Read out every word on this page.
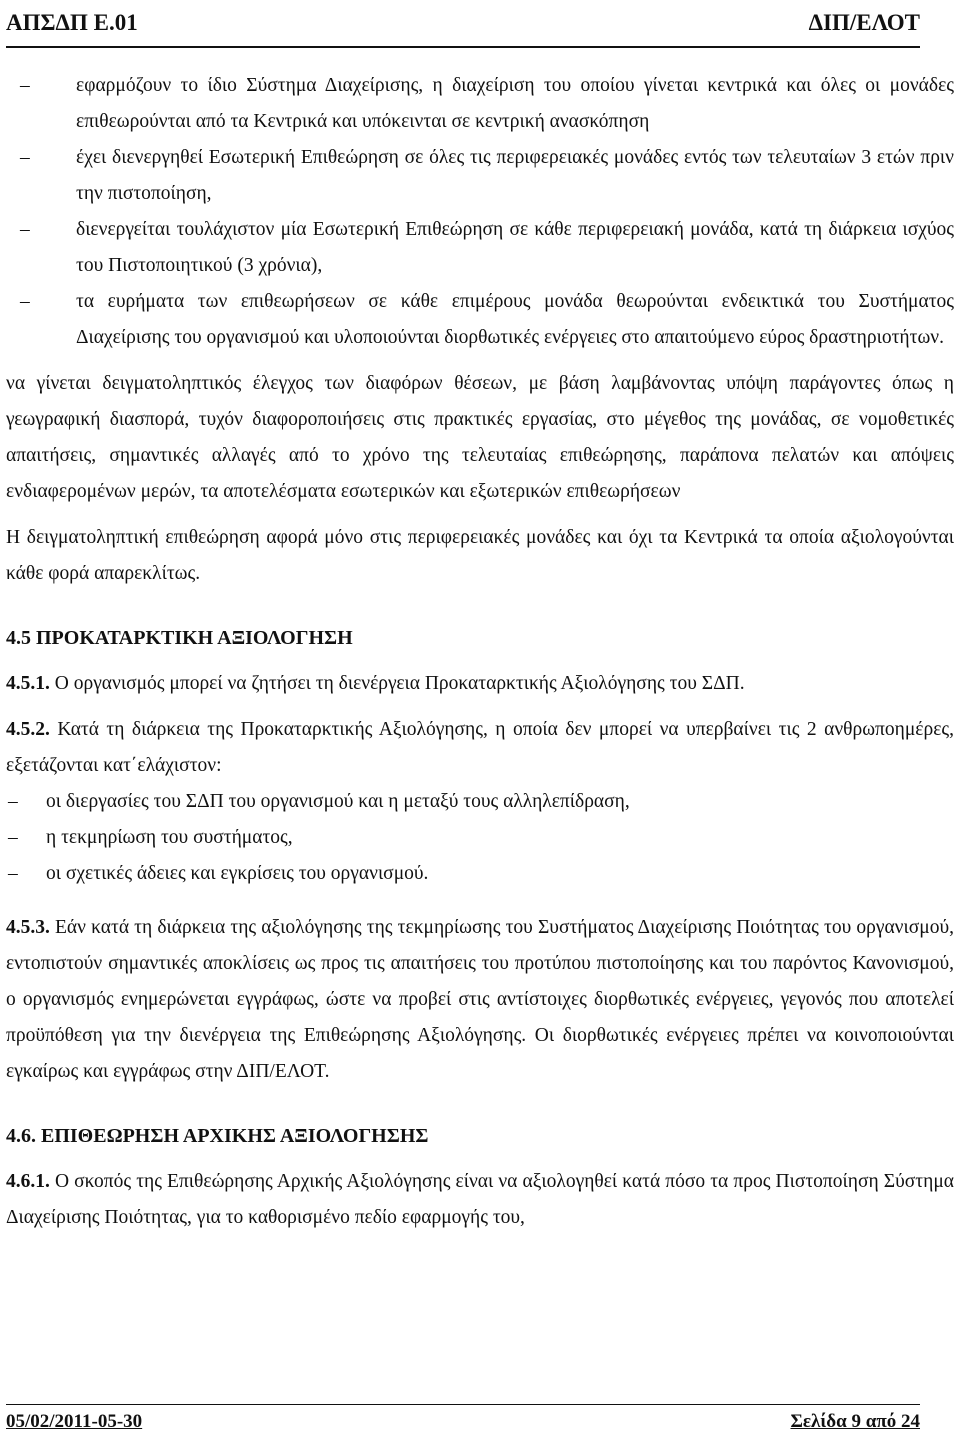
ΑΠΣΔΠ Ε.01	ΔΙΠ/ΕΛΟΤ
–	εφαρμόζουν το ίδιο Σύστημα Διαχείρισης, η διαχείριση του οποίου γίνεται κεντρικά και όλες οι μονάδες επιθεωρούνται από τα Κεντρικά και υπόκεινται σε κεντρική ανασκόπηση
–	έχει διενεργηθεί Εσωτερική Επιθεώρηση σε όλες τις περιφερειακές μονάδες εντός των τελευταίων 3 ετών πριν την πιστοποίηση,
–	διενεργείται τουλάχιστον μία Εσωτερική Επιθεώρηση σε κάθε περιφερειακή μονάδα, κατά τη διάρκεια ισχύος του Πιστοποιητικού (3 χρόνια),
–	τα ευρήματα των επιθεωρήσεων σε κάθε επιμέρους μονάδα θεωρούνται ενδεικτικά του Συστήματος Διαχείρισης του οργανισμού και υλοποιούνται διορθωτικές ενέργειες στο απαιτούμενο εύρος δραστηριοτήτων.

να γίνεται δειγματοληπτικός έλεγχος των διαφόρων θέσεων, με βάση λαμβάνοντας υπόψη παράγοντες όπως η γεωγραφική διασπορά, τυχόν διαφοροποιήσεις στις πρακτικές εργασίας, στο μέγεθος της μονάδας, σε νομοθετικές απαιτήσεις, σημαντικές αλλαγές από το χρόνο της τελευταίας επιθεώρησης, παράπονα πελατών και απόψεις ενδιαφερομένων μερών, τα αποτελέσματα εσωτερικών και εξωτερικών επιθεωρήσεων

Η δειγματοληπτική επιθεώρηση αφορά μόνο στις περιφερειακές μονάδες και όχι τα Κεντρικά τα οποία αξιολογούνται κάθε φορά απαρεκλίτως.

4.5 ΠΡΟΚΑΤΑΡΚΤΙΚΗ ΑΞΙΟΛΟΓΗΣΗ

4.5.1. Ο οργανισμός μπορεί να ζητήσει τη διενέργεια Προκαταρκτικής Αξιολόγησης του ΣΔΠ.

4.5.2. Κατά τη διάρκεια της Προκαταρκτικής Αξιολόγησης, η οποία δεν μπορεί να υπερβαίνει τις 2 ανθρωποημέρες, εξετάζονται κατ΄ελάχιστον:

–	οι διεργασίες του ΣΔΠ του οργανισμού και η μεταξύ τους αλληλεπίδραση,
–	η τεκμηρίωση του συστήματος,
–	οι σχετικές άδειες και εγκρίσεις του οργανισμού.

4.5.3. Εάν κατά τη διάρκεια της αξιολόγησης της τεκμηρίωσης του Συστήματος Διαχείρισης Ποιότητας του οργανισμού, εντοπιστούν σημαντικές αποκλίσεις ως προς τις απαιτήσεις του προτύπου πιστοποίησης και του παρόντος Κανονισμού, ο οργανισμός ενημερώνεται εγγράφως, ώστε να προβεί στις αντίστοιχες διορθωτικές ενέργειες, γεγονός που αποτελεί προϋπόθεση για την διενέργεια της Επιθεώρησης Αξιολόγησης. Οι διορθωτικές ενέργειες πρέπει να κοινοποιούνται εγκαίρως και εγγράφως στην ΔΙΠ/ΕΛΟΤ.

4.6. ΕΠΙΘΕΩΡΗΣΗ ΑΡΧΙΚΗΣ ΑΞΙΟΛΟΓΗΣΗΣ

4.6.1. Ο σκοπός της Επιθεώρησης Αρχικής Αξιολόγησης είναι να αξιολογηθεί κατά πόσο τα προς Πιστοποίηση Σύστημα Διαχείρισης Ποιότητας, για το καθορισμένο πεδίο εφαρμογής του,

05/02/2011-05-30	Σελίδα 9 από 24
